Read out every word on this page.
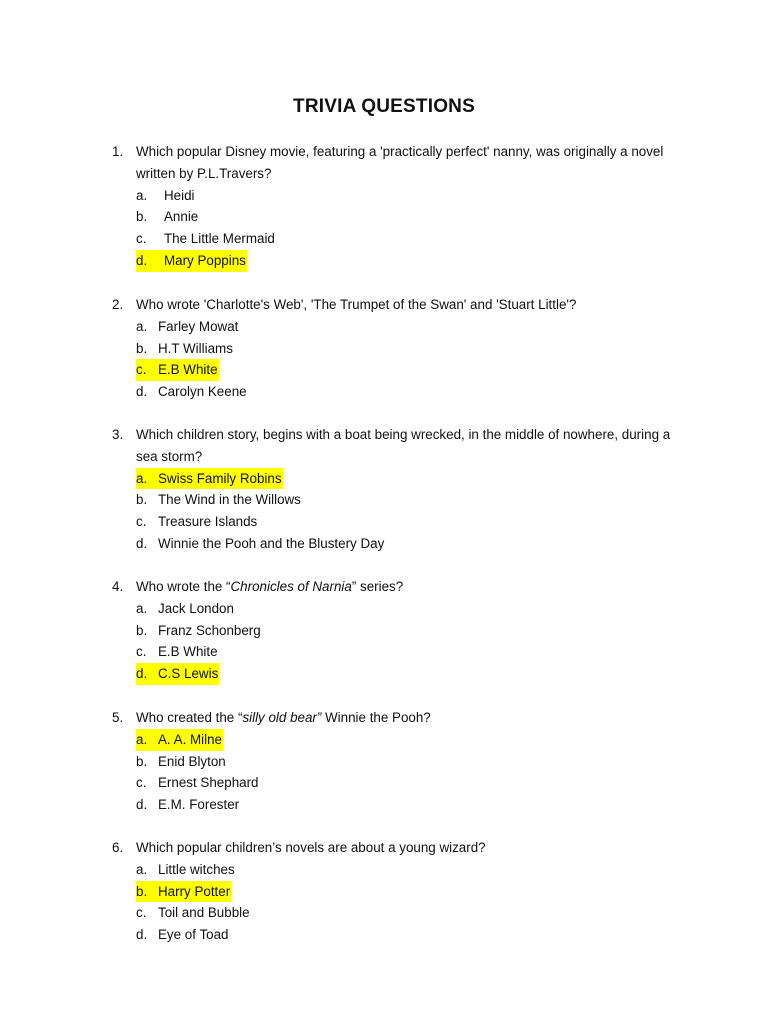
TRIVIA QUESTIONS
1. Which popular Disney movie, featuring a 'practically perfect' nanny, was originally a novel written by P.L.Travers?
a.	Heidi
b.	Annie
c.	The Little Mermaid
d.	Mary Poppins
2. Who wrote 'Charlotte's Web', 'The Trumpet of the Swan' and 'Stuart Little'?
a. Farley Mowat
b. H.T Williams
c. E.B White
d. Carolyn Keene
3. Which children story, begins with a boat being wrecked, in the middle of nowhere, during a sea storm?
a. Swiss Family Robins
b. The Wind in the Willows
c. Treasure Islands
d. Winnie the Pooh and the Blustery Day
4. Who wrote the “Chronicles of Narnia” series?
a. Jack London
b. Franz Schonberg
c. E.B White
d. C.S Lewis
5. Who created the “silly old bear” Winnie the Pooh?
a. A. A. Milne
b. Enid Blyton
c. Ernest Shephard
d. E.M. Forester
6. Which popular children’s novels are about a young wizard?
a. Little witches
b. Harry Potter
c. Toil and Bubble
d. Eye of Toad
